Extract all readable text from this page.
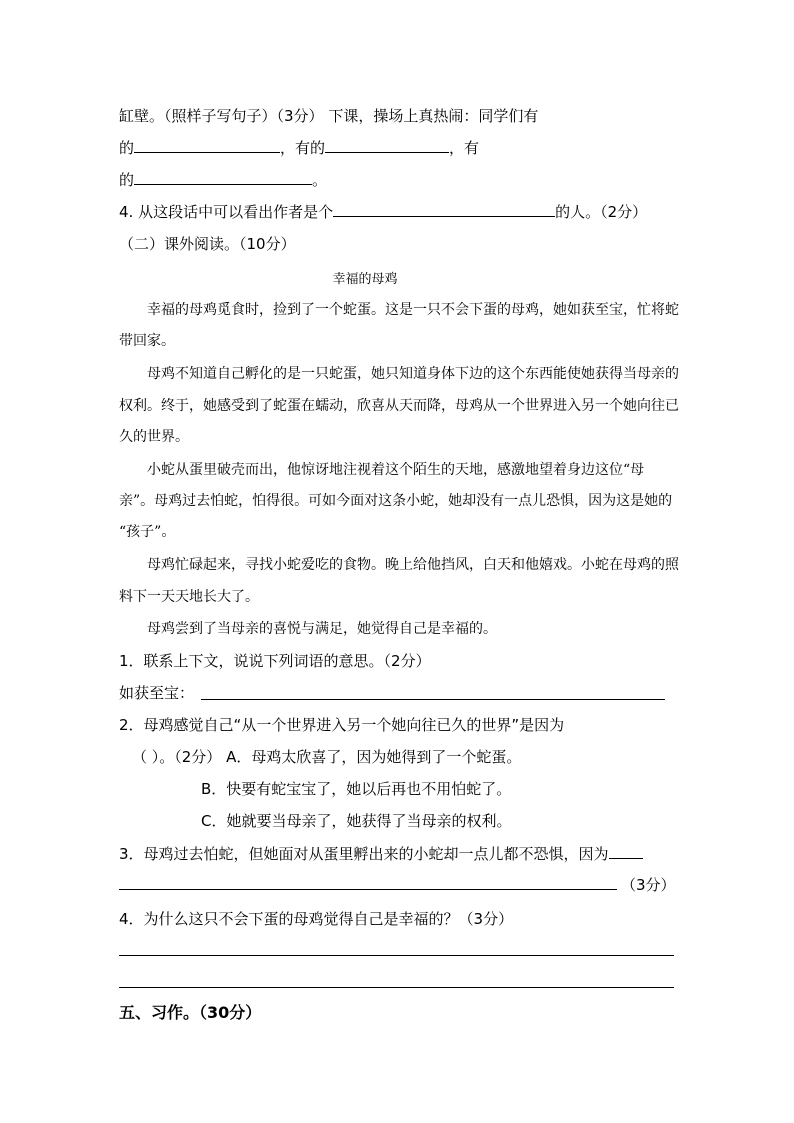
缸壁。（照样子写句子）（3分） 下课，操场上真热闹：同学们有
的	，有的	，有
的	。
4. 从这段话中可以看出作者是个	的人。（2分）
（二）课外阅读。（10分）
幸福的母鸡
幸福的母鸡觅食时，捡到了一个蛇蛋。这是一只不会下蛋的母鸡，她如获至宝，忙将蛇
带回家。
母鸡不知道自己孵化的是一只蛇蛋，她只知道身体下边的这个东西能使她获得当母亲的
权利。终于，她感受到了蛇蛋在蠕动，欣喜从天而降，母鸡从一个世界进入另一个她向往已
久的世界。
小蛇从蛋里破壳而出，他惊讶地注视着这个陌生的天地，感激地望着身边这位“母
亲”。母鸡过去怕蛇，怕得很。可如今面对这条小蛇，她却没有一点儿恐惧，因为这是她的
“孩子”。
母鸡忙碌起来，寻找小蛇爱吃的食物。晚上给他挡风，白天和他嬉戏。小蛇在母鸡的照
料下一天天地长大了。
母鸡尝到了当母亲的喜悦与满足，她觉得自己是幸福的。
1．联系上下文，说说下列词语的意思。（2分）
如获至宝：
2．母鸡感觉自己“从一个世界进入另一个她向往已久的世界”是因为
（ ）。（2分） A．母鸡太欣喜了，因为她得到了一个蛇蛋。
B．快要有蛇宝宝了，她以后再也不用怕蛇了。
C．她就要当母亲了，她获得了当母亲的权利。
3．母鸡过去怕蛇，但她面对从蛋里孵出来的小蛇却一点儿都不恐惧，因为
（3分）
4．为什么这只不会下蛋的母鸡觉得自己是幸福的？（3分）
五、习作。（30分）
